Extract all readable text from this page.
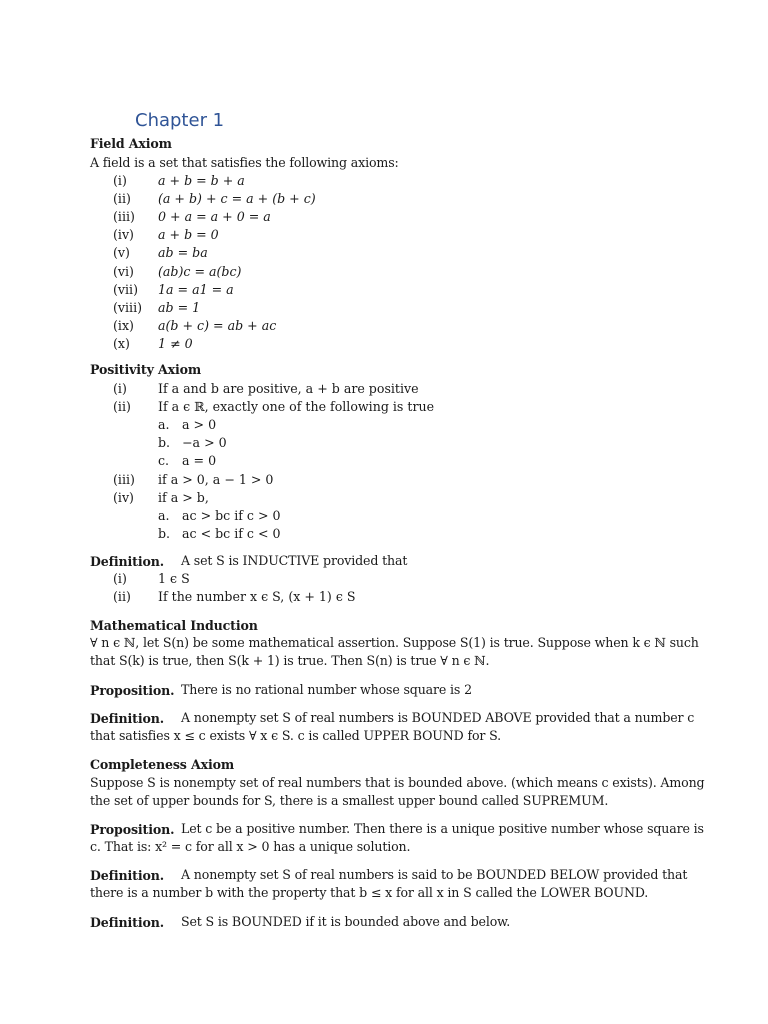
Chapter 1
Field Axiom
A field is a set that satisfies the following axioms:
(i) a + b = b + a
(ii) (a + b) + c = a + (b + c)
(iii) 0 + a = a + 0 = a
(iv) a + b = 0
(v) ab = ba
(vi) (ab)c = a(bc)
(vii) 1a = a1 = a
(viii) ab = 1
(ix) a(b + c) = ab + ac
(x) 1 ≠ 0
Positivity Axiom
(i) If a and b are positive, a + b are positive
(ii) If a ϵ ℝ, exactly one of the following is true
a. a > 0
b. −a > 0
c. a = 0
(iii) if a > 0, a − 1 > 0
(iv) if a > b,
a. ac > bc if c > 0
b. ac < bc if c < 0
Definition. A set S is INDUCTIVE provided that
(i) 1 ϵ S
(ii) If the number x ϵ S, (x + 1) ϵ S
Mathematical Induction
∀ n ϵ ℕ, let S(n) be some mathematical assertion. Suppose S(1) is true. Suppose when k ϵ ℕ such
that S(k) is true, then S(k + 1) is true. Then S(n) is true ∀ n ϵ ℕ.
Proposition. There is no rational number whose square is 2
Definition. A nonempty set S of real numbers is BOUNDED ABOVE provided that a number c
that satisfies x ≤ c exists ∀ x ϵ S. c is called UPPER BOUND for S.
Completeness Axiom
Suppose S is nonempty set of real numbers that is bounded above. (which means c exists). Among
the set of upper bounds for S, there is a smallest upper bound called SUPREMUM.
Proposition. Let c be a positive number. Then there is a unique positive number whose square is
c. That is: x² = c for all x > 0 has a unique solution.
Definition. A nonempty set S of real numbers is said to be BOUNDED BELOW provided that
there is a number b with the property that b ≤ x for all x in S called the LOWER BOUND.
Definition. Set S is BOUNDED if it is bounded above and below.
